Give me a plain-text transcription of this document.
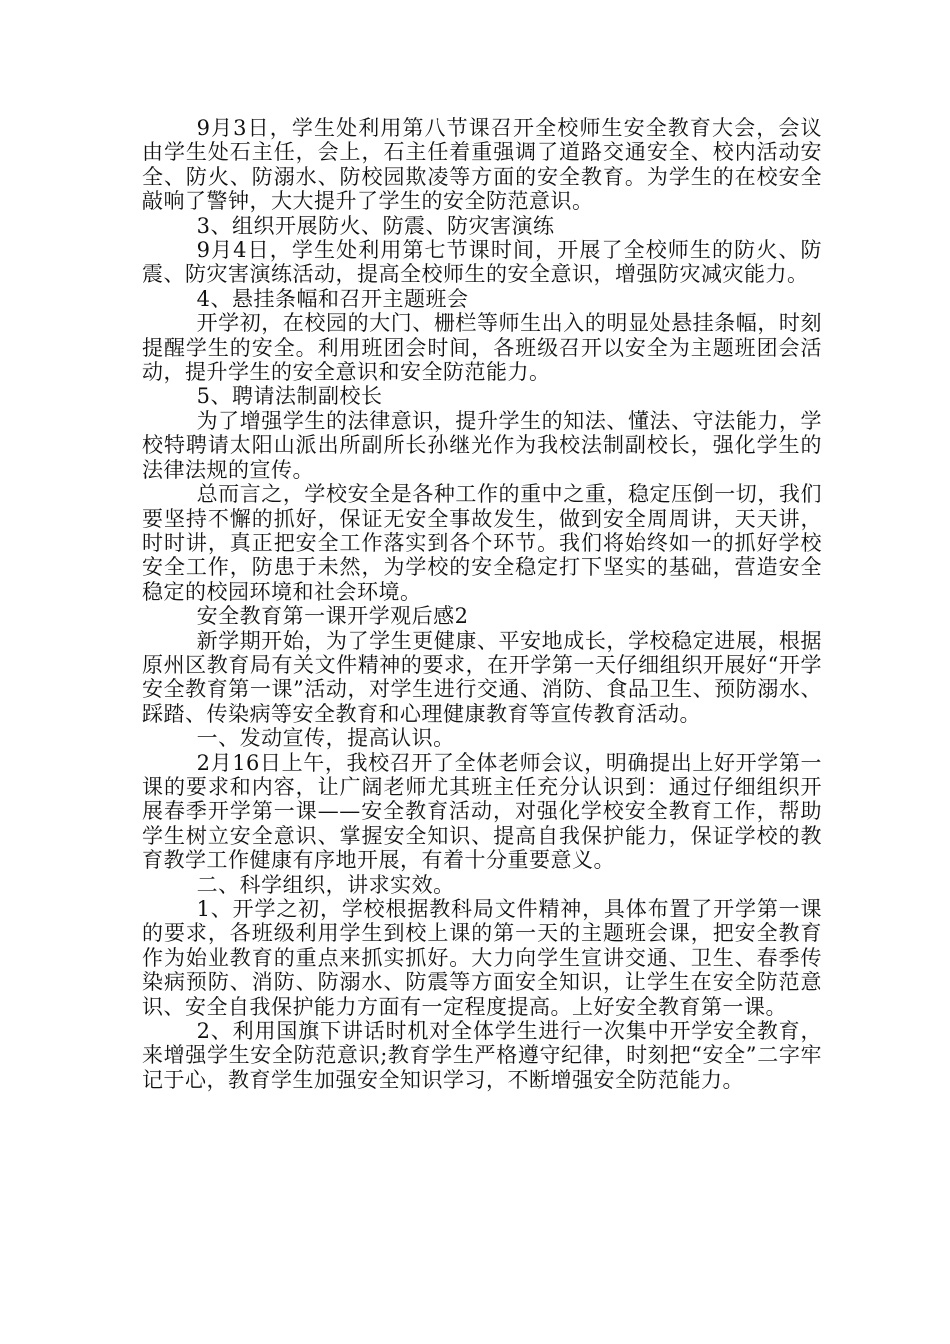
9月3日，学生处利用第八节课召开全校师生安全教育大会，会议由学生处石主任，会上，石主任着重强调了道路交通安全、校内活动安全、防火、防溺水、防校园欺凌等方面的安全教育。为学生的在校安全敲响了警钟，大大提升了学生的安全防范意识。

3、组织开展防火、防震、防灾害演练

9月4日，学生处利用第七节课时间，开展了全校师生的防火、防震、防灾害演练活动，提高全校师生的安全意识，增强防灾减灾能力。

4、悬挂条幅和召开主题班会

开学初，在校园的大门、栅栏等师生出入的明显处悬挂条幅，时刻提醒学生的安全。利用班团会时间，各班级召开以安全为主题班团会活动，提升学生的安全意识和安全防范能力。

5、聘请法制副校长

为了增强学生的法律意识，提升学生的知法、懂法、守法能力，学校特聘请太阳山派出所副所长孙继光作为我校法制副校长，强化学生的法律法规的宣传。

总而言之，学校安全是各种工作的重中之重，稳定压倒一切，我们要坚持不懈的抓好，保证无安全事故发生，做到安全周周讲，天天讲，时时讲，真正把安全工作落实到各个环节。我们将始终如一的抓好学校安全工作，防患于未然，为学校的安全稳定打下坚实的基础，营造安全稳定的校园环境和社会环境。

安全教育第一课开学观后感2

新学期开始，为了学生更健康、平安地成长，学校稳定进展，根据原州区教育局有关文件精神的要求，在开学第一天仔细组织开展好“开学安全教育第一课”活动，对学生进行交通、消防、食品卫生、预防溺水、踩踏、传染病等安全教育和心理健康教育等宣传教育活动。

一、发动宣传，提高认识。

2月16日上午，我校召开了全体老师会议，明确提出上好开学第一课的要求和内容，让广阔老师尤其班主任充分认识到：通过仔细组织开展春季开学第一课——安全教育活动，对强化学校安全教育工作，帮助学生树立安全意识、掌握安全知识、提高自我保护能力，保证学校的教育教学工作健康有序地开展，有着十分重要意义。

二、科学组织，讲求实效。

1、开学之初，学校根据教科局文件精神，具体布置了开学第一课的要求，各班级利用学生到校上课的第一天的主题班会课，把安全教育作为始业教育的重点来抓实抓好。大力向学生宣讲交通、卫生、春季传染病预防、消防、防溺水、防震等方面安全知识，让学生在安全防范意识、安全自我保护能力方面有一定程度提高。上好安全教育第一课。

2、利用国旗下讲话时机对全体学生进行一次集中开学安全教育，来增强学生安全防范意识;教育学生严格遵守纪律，时刻把“安全”二字牢记于心，教育学生加强安全知识学习，不断增强安全防范能力。
